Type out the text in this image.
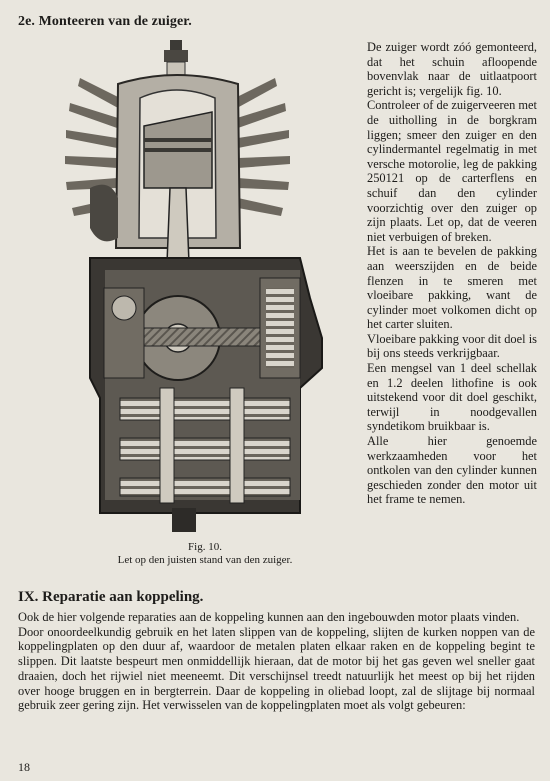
2e. Monteeren van de zuiger.
Fig. 10.
Let op den juisten stand van den zuiger.

De zuiger wordt zóó gemonteerd, dat het schuin afloopende bovenvlak naar de uitlaatpoort gericht is; vergelijk fig. 10.

Controleer of de zuigerveeren met de uitholling in de borgkram liggen; smeer den zuiger en den cylindermantel regelmatig in met versche motorolie, leg de pakking 250121 op de carterflens en schuif dan den cylinder voorzichtig over den zuiger op zijn plaats. Let op, dat de veeren niet verbuigen of breken.

Het is aan te bevelen de pakking aan weerszijden en de beide flenzen in te smeren met vloeibare pakking, want de cylinder moet volkomen dicht op het carter sluiten.

Vloeibare pakking voor dit doel is bij ons steeds verkrijgbaar.

Een mengsel van 1 deel schellak en 1.2 deelen lithofine is ook uitstekend voor dit doel geschikt, terwijl in noodgevallen syndetikom bruikbaar is.

Alle hier genoemde werkzaamheden voor het ontkolen van den cylinder kunnen geschieden zonder den motor uit het frame te nemen.

IX. Reparatie aan koppeling.

Ook de hier volgende reparaties aan de koppeling kunnen aan den ingebouwden motor plaats vinden.

Door onoordeelkundig gebruik en het laten slippen van de koppeling, slijten de kurken noppen van de koppelingplaten op den duur af, waardoor de metalen platen elkaar raken en de koppeling begint te slippen. Dit laatste bespeurt men onmiddellijk hieraan, dat de motor bij het gas geven wel sneller gaat draaien, doch het rijwiel niet meeneemt. Dit verschijnsel treedt natuurlijk het meest op bij het rijden over hooge bruggen en in bergterrein. Daar de koppeling in oliebad loopt, zal de slijtage bij normaal gebruik zeer gering zijn. Het verwisselen van de koppelingplaten moet als volgt gebeuren:

18
